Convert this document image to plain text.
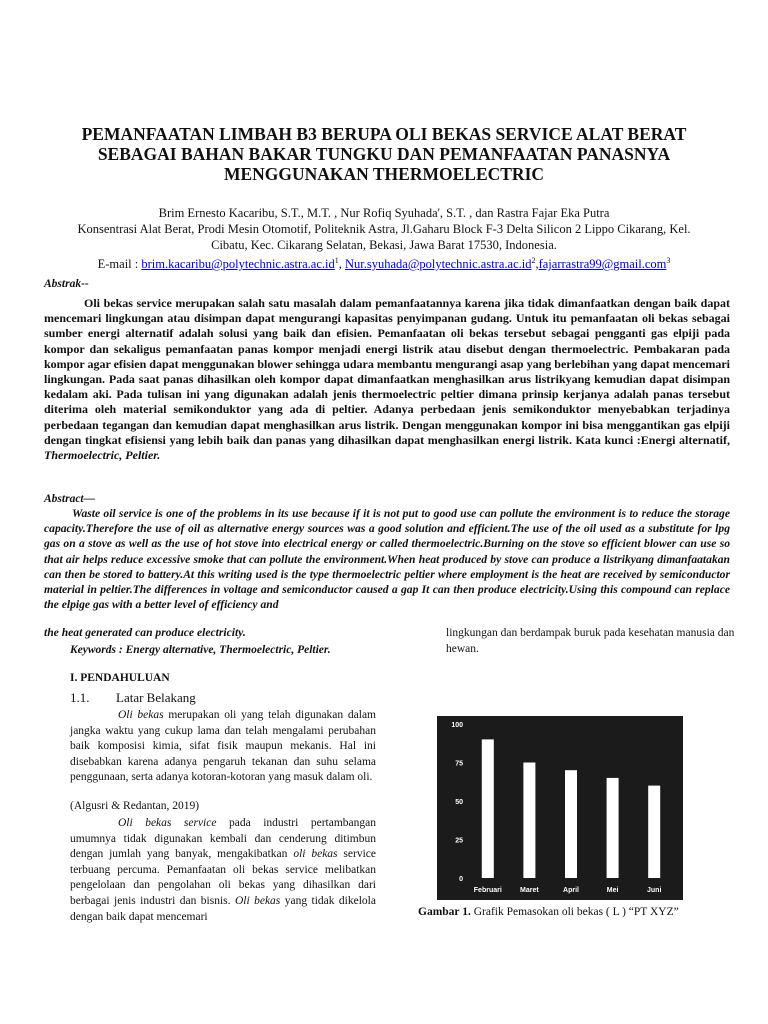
PEMANFAATAN LIMBAH B3 BERUPA OLI BEKAS SERVICE ALAT BERAT
SEBAGAI BAHAN BAKAR TUNGKU DAN PEMANFAATAN PANASNYA
MENGGUNAKAN THERMOELECTRIC
Brim Ernesto Kacaribu, S.T., M.T. , Nur Rofiq Syuhada', S.T. , dan Rastra Fajar Eka Putra
Konsentrasi Alat Berat, Prodi Mesin Otomotif, Politeknik Astra, Jl.Gaharu Block F-3 Delta Silicon 2 Lippo Cikarang, Kel.
Cibatu, Kec. Cikarang Selatan, Bekasi, Jawa Barat 17530, Indonesia.
E-mail : $brim.kacaribu@polytechnic.astra.ac.id^1$, $Nur.syuhada@polytechnic.astra.ac.id^2,fajarrastra99@gmail.com^3$
Abstrak--

Oli bekas service merupakan salah satu masalah dalam pemanfaatannya karena jika tidak dimanfaatkan dengan baik dapat mencemari lingkungan atau disimpan dapat mengurangi kapasitas penyimpanan gudang. Untuk itu pemanfaatan oli bekas sebagai sumber energi alternatif adalah solusi yang baik dan efisien. Pemanfaatan oli bekas tersebut sebagai pengganti gas elpiji pada kompor dan sekaligus pemanfaatan panas kompor menjadi energi listrik atau disebut dengan thermoelectric. Pembakaran pada kompor agar efisien dapat menggunakan blower sehingga udara membantu mengurangi asap yang berlebihan yang dapat mencemari lingkungan. Pada saat panas dihasilkan oleh kompor dapat dimanfaatkan menghasilkan arus listrikyang kemudian dapat disimpan kedalam aki. Pada tulisan ini yang digunakan adalah jenis thermoelectric peltier dimana prinsip kerjanya adalah panas tersebut diterima oleh material semikonduktor yang ada di peltier. Adanya perbedaan jenis semikonduktor menyebabkan terjadinya perbedaan tegangan dan kemudian dapat menghasilkan arus listrik. Dengan menggunakan kompor ini bisa menggantikan gas elpiji dengan tingkat efisiensi yang lebih baik dan panas yang dihasilkan dapat menghasilkan energi listrik. Kata kunci :Energi alternatif, Thermoelectric, Peltier.

Abstract—

Waste oil service is one of the problems in its use because if it is not put to good use can pollute the environment is to reduce the storage capacity.Therefore the use of oil as alternative energy sources was a good solution and efficient.The use of the oil used as a substitute for lpg gas on a stove as well as the use of hot stove into electrical energy or called thermoelectric.Burning on the stove so efficient blower can use so that air helps reduce excessive smoke that can pollute the environment.When heat produced by stove can produce a listrikyang dimanfaatakan can then be stored to battery.At this writing used is the type thermoelectric peltier where employment is the heat are received by semiconductor material in peltier.The differences in voltage and semiconductor caused a gap It can then produce electricity.Using this compound can replace the elpige gas with a better level of efficiency and

the heat generated can produce electricity.

Keywords : Energy alternative, Thermoelectric, Peltier.

lingkungan dan berdampak buruk pada kesehatan manusia dan hewan.

I. PENDAHULUAN

1.1. Latar Belakang

Oli bekas merupakan oli yang telah digunakan dalam jangka waktu yang cukup lama dan telah mengalami perubahan baik komposisi kimia, sifat fisik maupun mekanis. Hal ini disebabkan karena adanya pengaruh tekanan dan suhu selama penggunaan, serta adanya kotoran-kotoran yang masuk dalam oli.

(Algusri & Redantan, 2019)

Oli bekas service pada industri pertambangan umumnya tidak digunakan kembali dan cenderung ditimbun dengan jumlah yang banyak, mengakibatkan oli bekas service terbuang percuma. Pemanfaatan oli bekas service melibatkan pengelolaan dan pengolahan oli bekas yang dihasilkan dari berbagai jenis industri dan bisnis. Oli bekas yang tidak dikelola dengan baik dapat mencemari

0
25
50
75
100
Februari	Maret	April	Mei	Juni

Gambar 1. Grafik Pemasokan oli bekas ( L ) “PT XYZ”
